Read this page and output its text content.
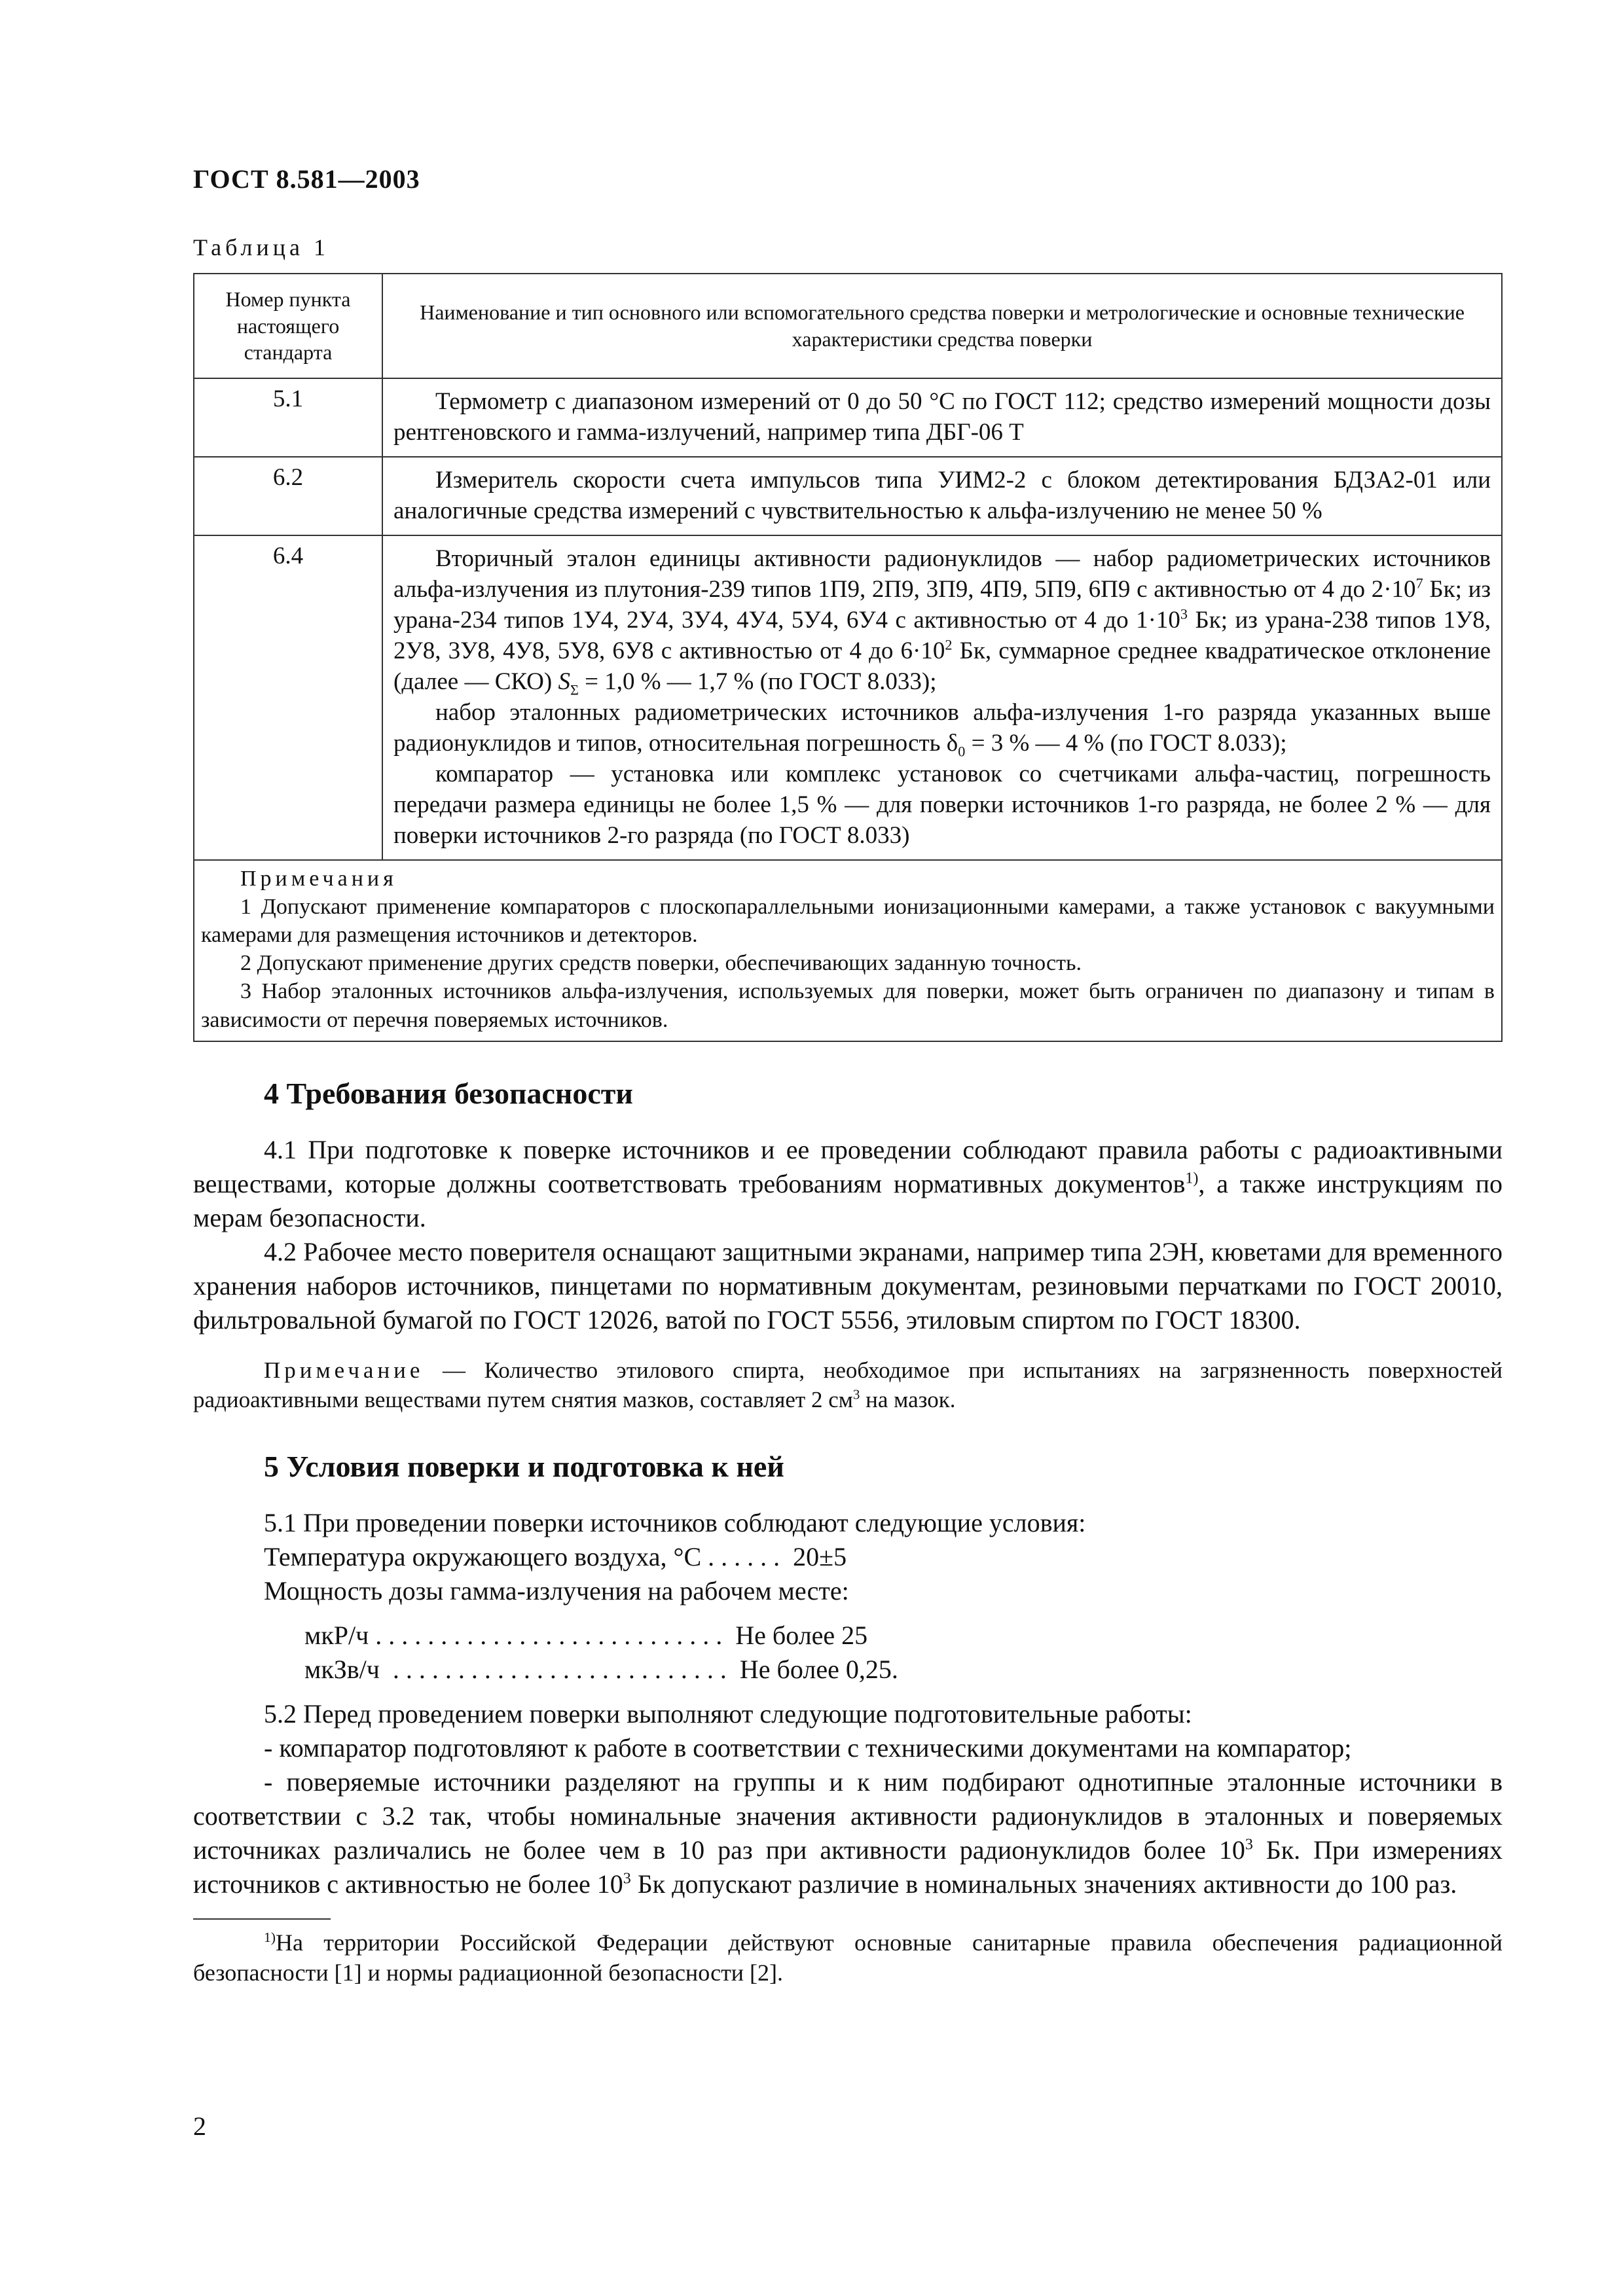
ГОСТ 8.581—2003
Таблица 1
Номер пункта настоящего стандарта	Наименование и тип основного или вспомогательного средства поверки и метрологические и основные технические характеристики средства поверки
5.1	Термометр с диапазоном измерений от 0 до 50 °С по ГОСТ 112; средство измерений мощности дозы рентгеновского и гамма-излучений, например типа ДБГ-06 Т

6.2	Измеритель скорости счета импульсов типа УИМ2-2 с блоком детектирования БДЗА2-01 или аналогичные средства измерений с чувствительностью к альфа-излучению не менее 50 %

6.4	Вторичный эталон единицы активности радионуклидов — набор радиометрических источников альфа-излучения из плутония-239 типов 1П9, 2П9, 3П9, 4П9, 5П9, 6П9 с активностью от 4 до $2\cdot 10^7$ Бк; из урана-234 типов 1У4, 2У4, 3У4, 4У4, 5У4, 6У4 с активностью от 4 до $1\cdot 10^3$ Бк; из урана-238 типов 1У8, 2У8, 3У8, 4У8, 5У8, 6У8 с активностью от 4 до $6\cdot 10^2$ Бк, суммарное среднее квадратическое отклонение (далее — СКО) $S_\Sigma = 1,0$ % — 1,7 % (по ГОСТ 8.033);

набор эталонных радиометрических источников альфа-излучения 1-го разряда указанных выше радионуклидов и типов, относительная погрешность $\delta_0 = 3$ % — 4 % (по ГОСТ 8.033);

компаратор — установка или комплекс установок со счетчиками альфа-частиц, погрешность передачи размера единицы не более 1,5 % — для поверки источников 1-го разряда, не более 2 % — для поверки источников 2-го разряда (по ГОСТ 8.033)

Примечания

1 Допускают применение компараторов с плоскопараллельными ионизационными камерами, а также установок с вакуумными камерами для размещения источников и детекторов.

2 Допускают применение других средств поверки, обеспечивающих заданную точность.

3 Набор эталонных источников альфа-излучения, используемых для поверки, может быть ограничен по диапазону и типам в зависимости от перечня поверяемых источников.	

4 Требования безопасности

4.1 При подготовке к поверке источников и ее проведении соблюдают правила работы с радиоактивными веществами, которые должны соответствовать требованиям нормативных документов$^{1)}$, а также инструкциям по мерам безопасности.

4.2 Рабочее место поверителя оснащают защитными экранами, например типа 2ЭН, кюветами для временного хранения наборов источников, пинцетами по нормативным документам, резиновыми перчатками по ГОСТ 20010, фильтровальной бумагой по ГОСТ 12026, ватой по ГОСТ 5556, этиловым спиртом по ГОСТ 18300.

Примечание — Количество этилового спирта, необходимое при испытаниях на загрязненность поверхностей радиоактивными веществами путем снятия мазков, составляет 2 $см^3$ на мазок.

5 Условия поверки и подготовка к ней
5.1 При проведении поверки источников соблюдают следующие условия:
Температура окружающего воздуха, °С . . . . . .  20±5
Мощность дозы гамма-излучения на рабочем месте:
мкР/ч . . . . . . . . . . . . . . . . . . . . . . . . . . .  Не более 25
мкЗв/ч  . . . . . . . . . . . . . . . . . . . . . . . . . .  Не более 0,25.
5.2 Перед проведением поверки выполняют следующие подготовительные работы:

- компаратор подготовляют к работе в соответствии с техническими документами на компаратор;

- поверяемые источники разделяют на группы и к ним подбирают однотипные эталонные источники в соответствии с 3.2 так, чтобы номинальные значения активности радионуклидов в эталонных и поверяемых источниках различались не более чем в 10 раз при активности радионуклидов более $10^3$ Бк. При измерениях источников с активностью не более $10^3$ Бк допускают различие в номинальных значениях активности до 100 раз.

$^{1)}$На территории Российской Федерации действуют основные санитарные правила обеспечения радиационной безопасности [1] и нормы радиационной безопасности [2].

2
